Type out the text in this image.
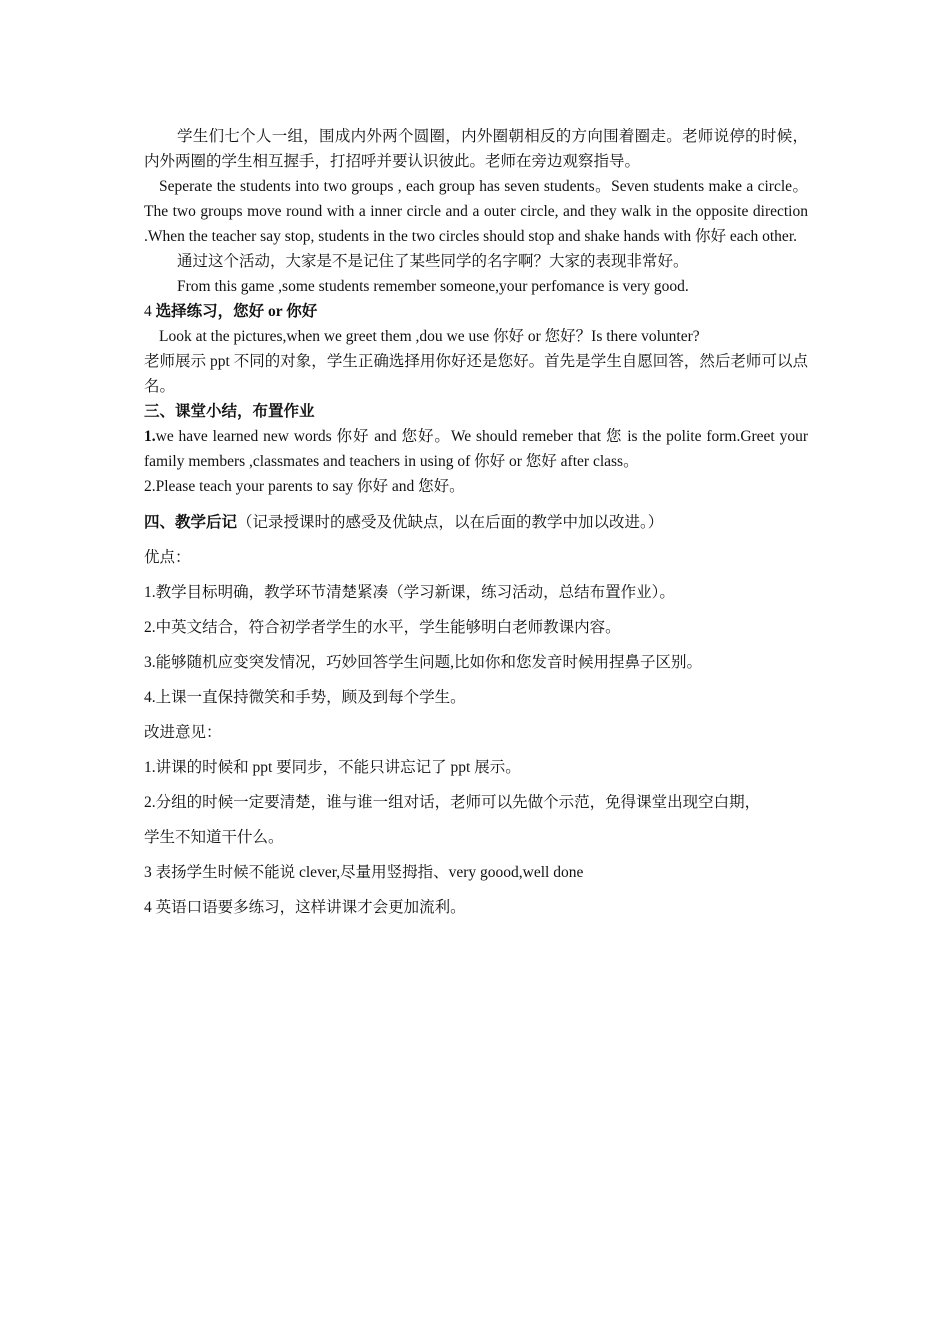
学生们七个人一组，围成内外两个圆圈，内外圈朝相反的方向围着圈走。老师说停的时候，内外两圈的学生相互握手，打招呼并要认识彼此。老师在旁边观察指导。

Seperate the students into two groups , each group has seven students。Seven students make a circle。The two groups move round with a inner circle and a outer circle, and they walk in the opposite direction .When the teacher say stop, students in the two circles should stop and shake hands with 你好 each other.

通过这个活动，大家是不是记住了某些同学的名字啊？大家的表现非常好。

From this game ,some students remember someone,your perfomance is very good.

4 选择练习，您好 or 你好

Look at the pictures,when we greet them ,dou we use 你好 or 您好？Is there volunter?

老师展示 ppt 不同的对象，学生正确选择用你好还是您好。首先是学生自愿回答，然后老师可以点名。

三、课堂小结，布置作业

1.we have learned new words 你好 and 您好。We should remeber that 您 is the polite form.Greet your family members ,classmates and teachers in using of 你好 or 您好 after class。

2.Please teach your parents to say 你好 and 您好。

四、教学后记（记录授课时的感受及优缺点，以在后面的教学中加以改进。）

优点：

1.教学目标明确，教学环节清楚紧凑（学习新课，练习活动，总结布置作业）。

2.中英文结合，符合初学者学生的水平，学生能够明白老师教课内容。

3.能够随机应变突发情况，巧妙回答学生问题,比如你和您发音时候用捏鼻子区别。

4.上课一直保持微笑和手势，顾及到每个学生。

改进意见：

1.讲课的时候和 ppt 要同步，不能只讲忘记了 ppt 展示。

2.分组的时候一定要清楚，谁与谁一组对话，老师可以先做个示范，免得课堂出现空白期，

学生不知道干什么。

3 表扬学生时候不能说 clever,尽量用竖拇指、very goood,well done

4 英语口语要多练习，这样讲课才会更加流利。
